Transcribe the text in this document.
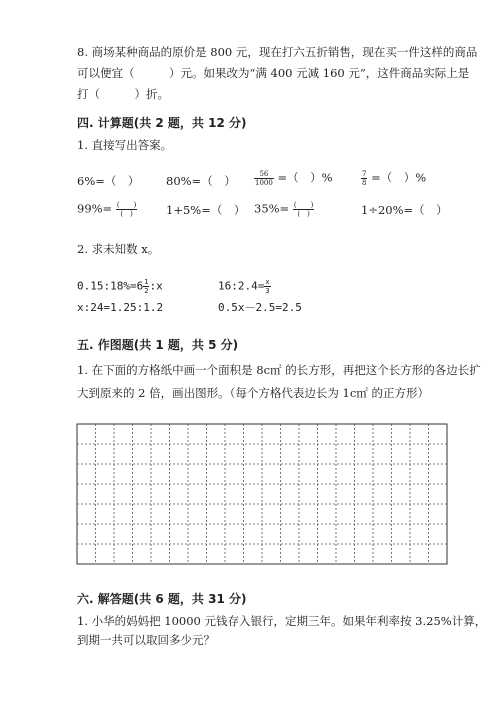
8. 商场某种商品的原价是 800 元，现在打六五折销售，现在买一件这样的商品
可以便宜（　　　）元。如果改为“满 400 元减 160 元”，这件商品实际上是
打（　　　）折。
四. 计算题(共 2 题，共 12 分)
1. 直接写出答案。
6%=（　） 80%=（　）	$\frac{56}{1000}$ =（　）%	$\frac{7}{8}$ =（　）%
$99\%= \frac{( )}{( )} 1+5\%=$（　） $35\%= \frac{( )}{( )}$	1÷20%=（　）
2. 求未知数 x。
0.15:18%=6 $\frac{1}{2}$ :x	16:2.4= $\frac{x}{3}$
x:24=1.25:1.2	0.5x－2.5=2.5
五. 作图题(共 1 题，共 5 分)
1. 在下面的方格纸中画一个面积是 8c㎡ 的长方形，再把这个长方形的各边长扩
大到原来的 2 倍，画出图形。（每个方格代表边长为 1c㎡ 的正方形）
六. 解答题(共 6 题，共 31 分)
1. 小华的妈妈把 10000 元钱存入银行，定期三年。如果年利率按 3.25%计算，
到期一共可以取回多少元？
